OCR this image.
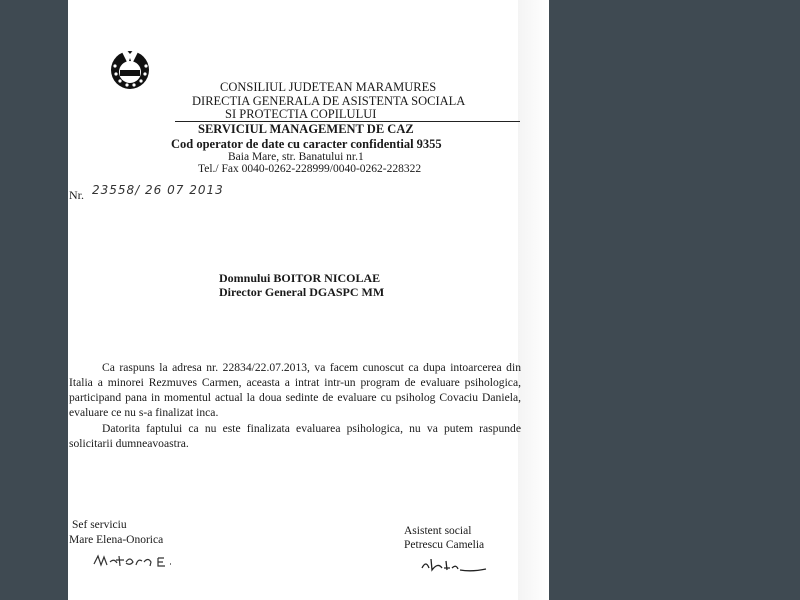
CONSILIUL JUDETEAN MARAMURES
DIRECTIA GENERALA DE ASISTENTA SOCIALA
SI PROTECTIA COPILULUI
SERVICIUL MANAGEMENT DE CAZ
Cod operator de date cu caracter confidential 9355
Baia Mare, str. Banatului nr.1
Tel./ Fax 0040-0262-228999/0040-0262-228322
Nr. 23558/ 26 07 2013
Domnului BOITOR NICOLAE
Director General DGASPC MM
Ca raspuns la adresa nr. 22834/22.07.2013, va facem cunoscut ca dupa intoarcerea din Italia a minorei Rezmuves Carmen, aceasta a intrat intr-un program de evaluare psihologica, participand pana in momentul actual la doua sedinte de evaluare cu psiholog Covaciu Daniela, evaluare ce nu s-a finalizat inca.
Datorita faptului ca nu este finalizata evaluarea psihologica, nu va putem raspunde solicitarii dumneavoastra.
Sef serviciu
Mare Elena-Onorica
Asistent social
Petrescu Camelia
